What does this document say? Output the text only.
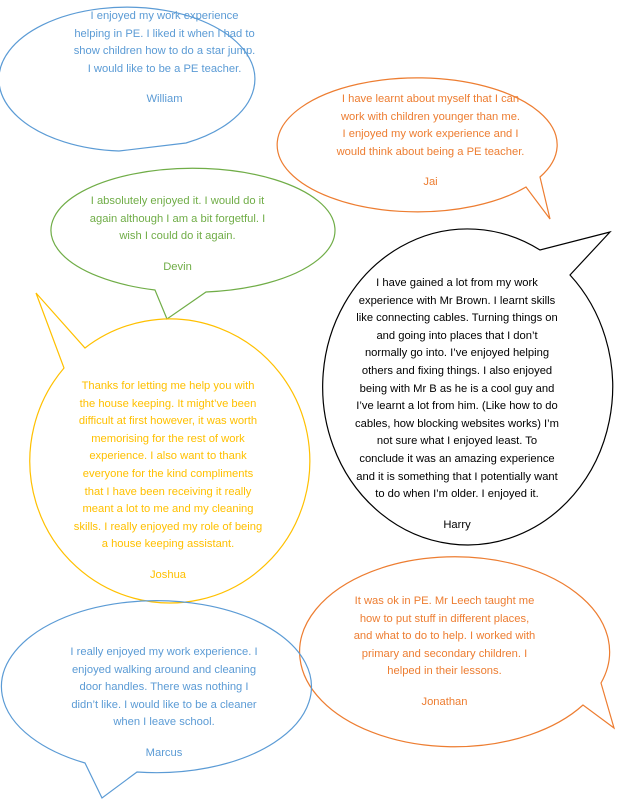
I enjoyed my work experience
helping in PE. I liked it when I had to
show children how to do a star jump.
I would like to be a PE teacher.
William	I have learnt about myself that I can
work with children younger than me.
I enjoyed my work experience and I
would think about being a PE teacher.
Jai
I absolutely enjoyed it. I would do it
again although I am a bit forgetful. I
wish I could do it again.
Devin
I have gained a lot from my work
experience with Mr Brown. I learnt skills
like connecting cables. Turning things on
and going into places that I don’t
normally go into. I’ve enjoyed helping
others and fixing things. I also enjoyed
being with Mr B as he is a cool guy and
I’ve learnt a lot from him. (Like how to do
cables, how blocking websites works) I’m
not sure what I enjoyed least. To
conclude it was an amazing experience
and it is something that I potentially want
to do when I’m older. I enjoyed it.
Harry
Thanks for letting me help you with
the house keeping. It might’ve been
difficult at first however, it was worth
memorising for the rest of work
experience. I also want to thank
everyone for the kind compliments
that I have been receiving it really
meant a lot to me and my cleaning
skills. I really enjoyed my role of being
a house keeping assistant.
Joshua
It was ok in PE. Mr Leech taught me
how to put stuff in different places,
and what to do to help. I worked with
primary and secondary children. I
helped in their lessons.
Jonathan
I really enjoyed my work experience. I
enjoyed walking around and cleaning
door handles. There was nothing I
didn’t like. I would like to be a cleaner
when I leave school.
Marcus
